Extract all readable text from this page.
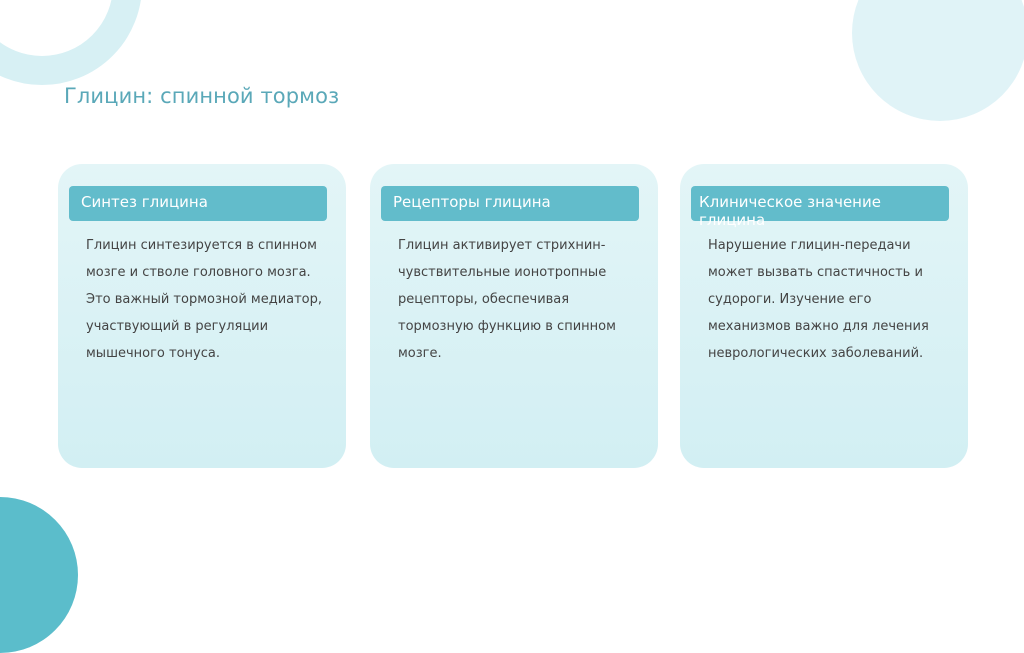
Глицин: спинной тормоз
Синтез глицина

Глицин синтезируется в спинном мозге и стволе головного мозга. Это важный тормозной медиатор, участвующий в регуляции мышечного тонуса.

Рецепторы глицина

Глицин активирует стрихнин-чувствительные ионотропные рецепторы, обеспечивая тормозную функцию в спинном мозге.

Клиническое значение глицина

Нарушение глицин-передачи может вызвать спастичность и судороги. Изучение его механизмов важно для лечения неврологических заболеваний.
